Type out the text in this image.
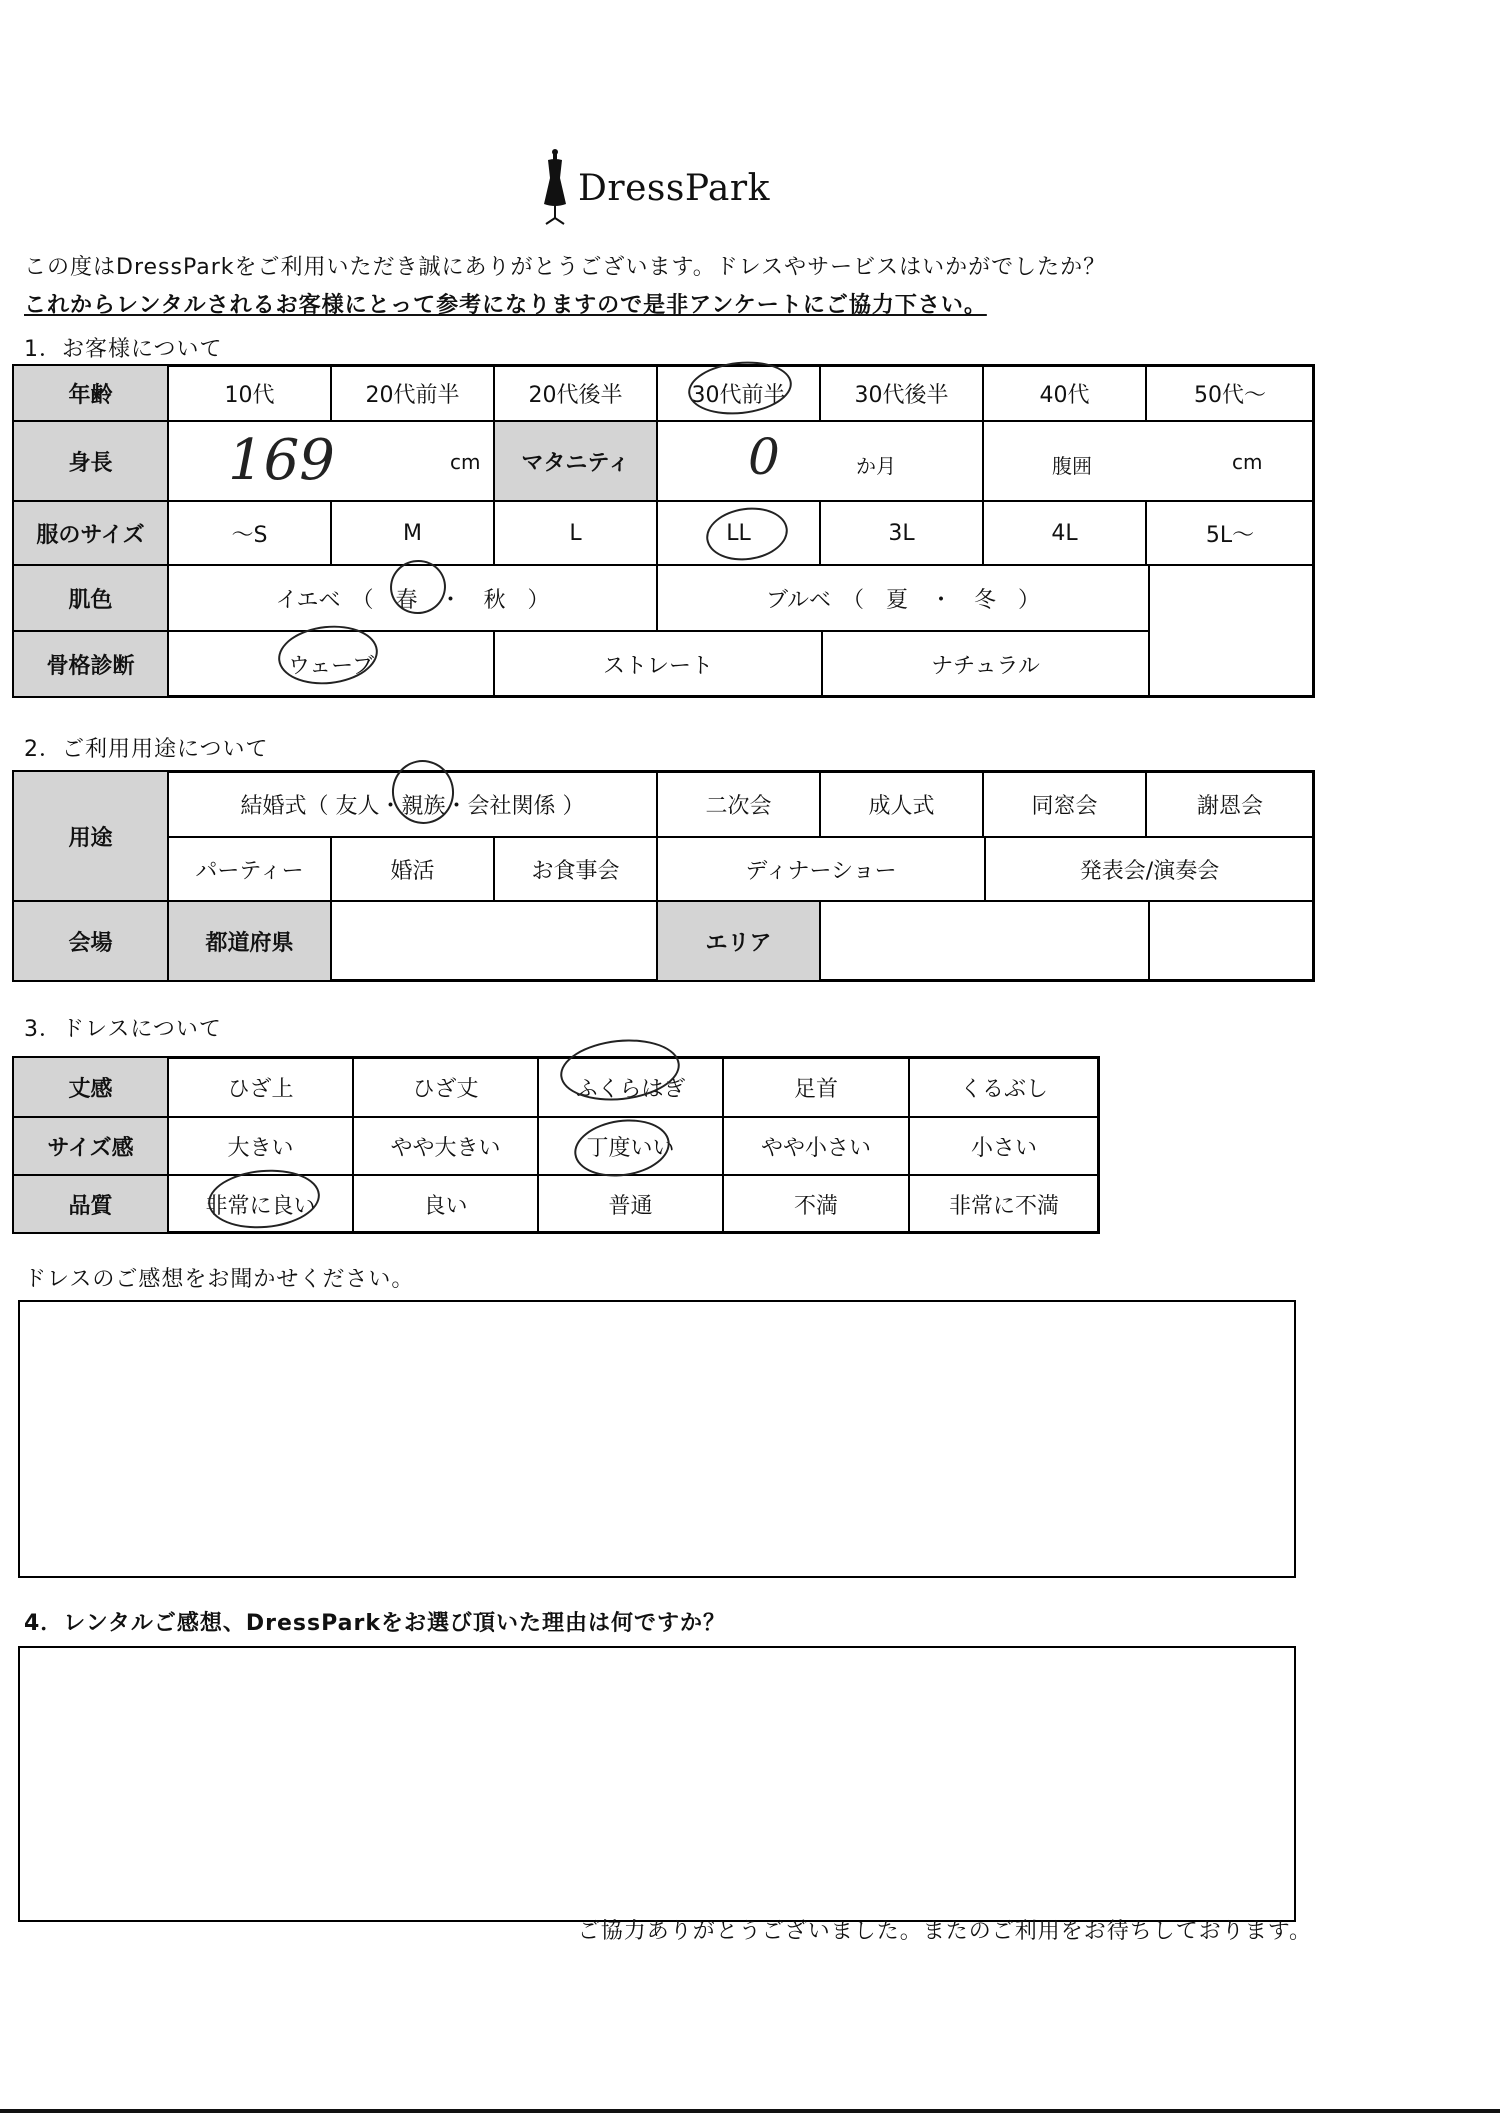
DressPark
この度はDressParkをご利用いただき誠にありがとうございます。ドレスやサービスはいかがでしたか？
これからレンタルされるお客様にとって参考になりますので是非アンケートにご協力下さい。
1．お客様について
年齢	10代	20代前半	20代後半	30代前半	30代後半	40代	50代～
身長	169	cm	マタニティ	0	か月	腹囲	cm
服のサイズ	～S	M	L	LL	3L	4L	5L～
肌色	イエベ　（　春　・　秋　）	ブルベ　（　夏　・　冬　）
骨格診断	ウェーブ	ストレート	ナチュラル
2．ご利用用途について
用途
結婚式（ 友人・親族・会社関係 ）	二次会	成人式	同窓会	謝恩会
パーティー	婚活	お食事会	ディナーショー	発表会/演奏会
会場	都道府県	エリア
3．ドレスについて
丈感	ひざ上	ひざ丈	ふくらはぎ	足首	くるぶし
サイズ感	大きい	やや大きい	丁度いい	やや小さい	小さい
品質	非常に良い	良い	普通	不満	非常に不満
ドレスのご感想をお聞かせください。
4．レンタルご感想、DressParkをお選び頂いた理由は何ですか？
ご協力ありがとうございました。またのご利用をお待ちしております。
